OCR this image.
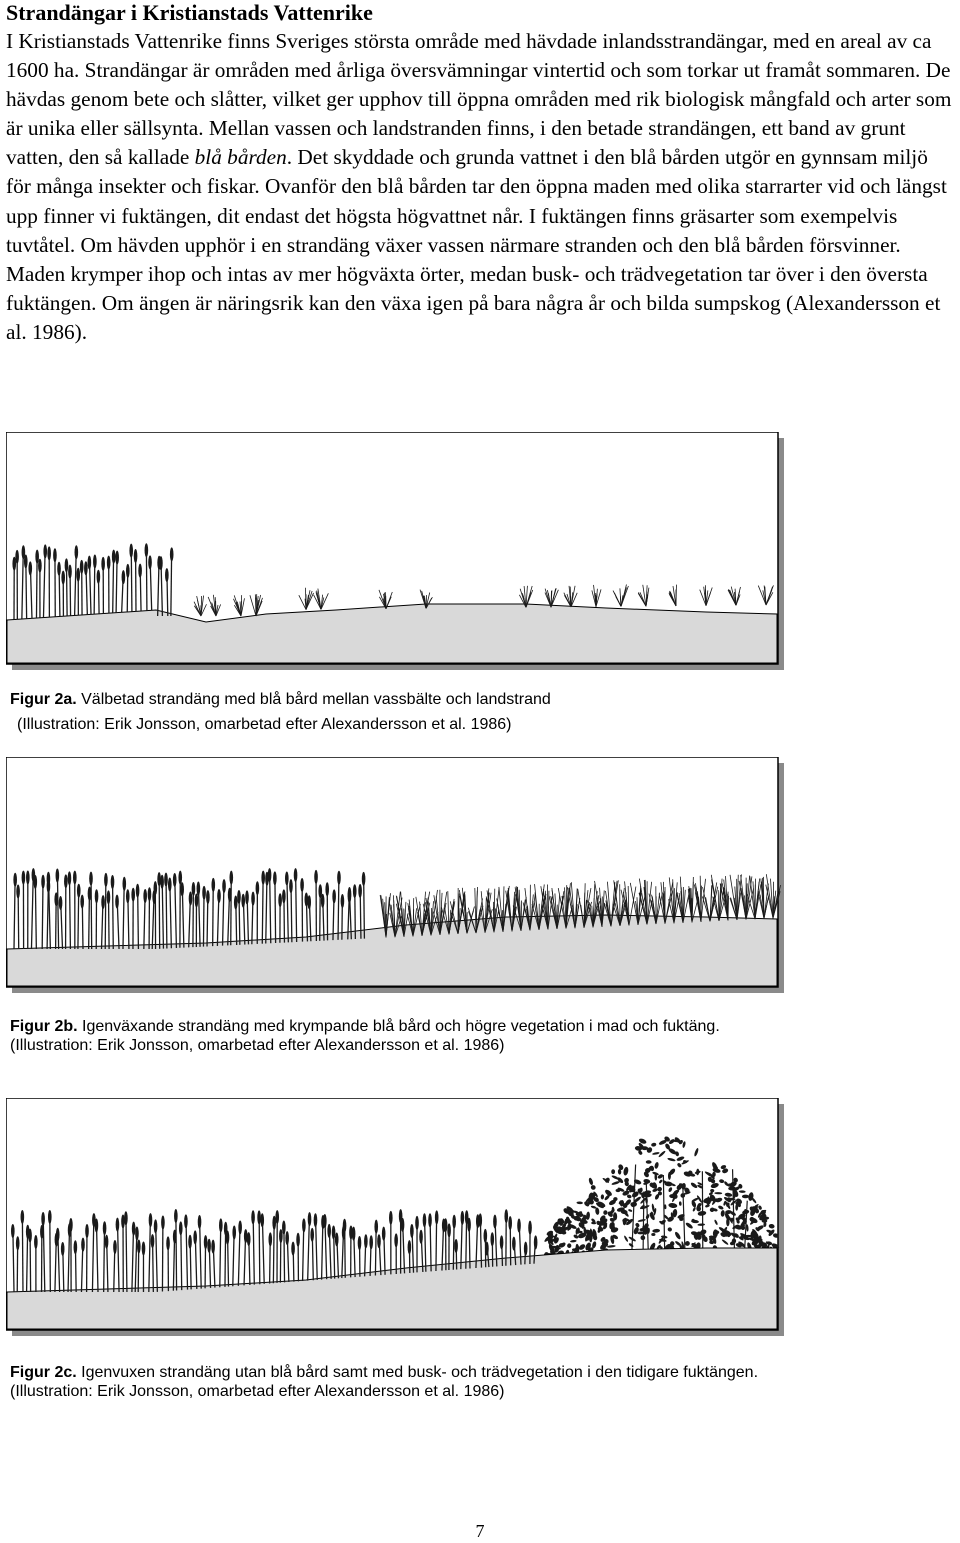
Strandängar i Kristianstads Vattenrike

I Kristianstads Vattenrike finns Sveriges största område med hävdade inlandsstrandängar, med en areal av ca 1600 ha. Strandängar är områden med årliga översvämningar vintertid och som torkar ut framåt sommaren. De hävdas genom bete och slåtter, vilket ger upphov till öppna områden med rik biologisk mångfald och arter som är unika eller sällsynta. Mellan vassen och landstranden finns, i den betade strandängen, ett band av grunt vatten, den så kallade blå bården. Det skyddade och grunda vattnet i den blå bården utgör en gynnsam miljö för många insekter och fiskar. Ovanför den blå bården tar den öppna maden med olika starrarter vid och längst upp finner vi fuktängen, dit endast det högsta högvattnet når. I fuktängen finns gräsarter som exempelvis tuvtåtel. Om hävden upphör i en strandäng växer vassen närmare stranden och den blå bården försvinner. Maden krymper ihop och intas av mer högväxta örter, medan busk- och trädvegetation tar över i den översta fuktängen. Om ängen är näringsrik kan den växa igen på bara några år och bilda sumpskog (Alexandersson et al. 1986).

Figur 2a. Välbetad strandäng med blå bård mellan vassbälte och landstrand
(Illustration: Erik Jonsson, omarbetad efter Alexandersson et al. 1986)
Figur 2b. Igenväxande strandäng med krympande blå bård och högre vegetation i mad och fuktäng. (Illustration: Erik Jonsson, omarbetad efter Alexandersson et al. 1986)
Figur 2c. Igenvuxen strandäng utan blå bård samt med busk- och trädvegetation i den tidigare fuktängen. (Illustration: Erik Jonsson, omarbetad efter Alexandersson et al. 1986)
7
